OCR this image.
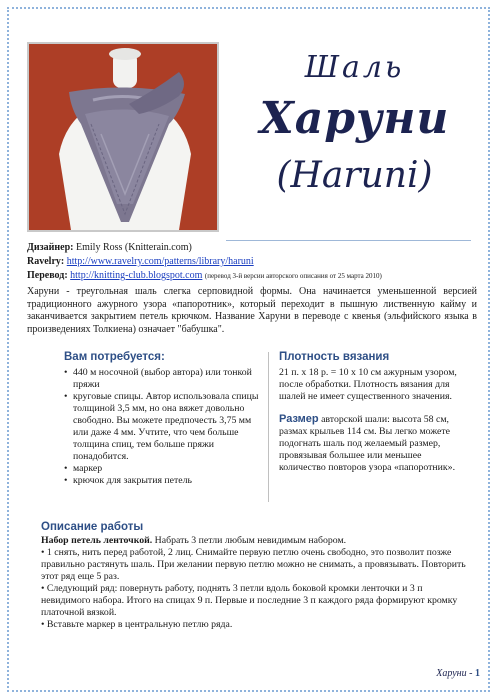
Шаль
Харуни
(Haruni)
Дизайнер: Emily Ross (Knitterain.com)
Ravelry: http://www.ravelry.com/patterns/library/haruni
Перевод: http://knitting-club.blogspot.com (перевод 3-й версии авторского описания от 25 марта 2010)
Харуни - треугольная шаль слегка серповидной формы. Она начинается уменьшенной версией традиционного ажурного узора «папоротник», который переходит в пышную лиственную кайму и заканчивается закрытием петель крючком. Название Харуни в переводе с квенья (эльфийского языка в произведениях Толкиена) означает "бабушка".
Вам потребуется:
• 440 м носочной (выбор автора) или тонкой пряжи
• круговые спицы. Автор использовала спицы толщиной 3,5 мм, но она вяжет довольно свободно. Вы можете предпочесть 3,75 мм или даже 4 мм. Учтите, что чем больше толщина спиц, тем больше пряжи понадобится.
• маркер
• крючок для закрытия петель
Плотность вязания
21 п. х 18 р. = 10 х 10 см ажурным узором, после обработки. Плотность вязания для шалей не имеет существенного значения.
Размер авторской шали: высота 58 см, размах крыльев 114 см. Вы легко можете подогнать шаль под желаемый размер, провязывая большее или меньшее количество повторов узора «папоротник».
Описание работы

Набор петель ленточкой. Набрать 3 петли любым невидимым набором.

• 1 снять, нить перед работой, 2 лиц. Снимайте первую петлю очень свободно, это позволит позже правильно растянуть шаль. При желании первую петлю можно не снимать, а провязывать. Повторить этот ряд еще 5 раз.

• Следующий ряд: повернуть работу, поднять 3 петли вдоль боковой кромки ленточки и 3 п невидимого набора. Итого на спицах 9 п. Первые и последние 3 п каждого ряда формируют кромку платочной вязкой.

• Вставьте маркер в центральную петлю ряда.

Харуни - 1
